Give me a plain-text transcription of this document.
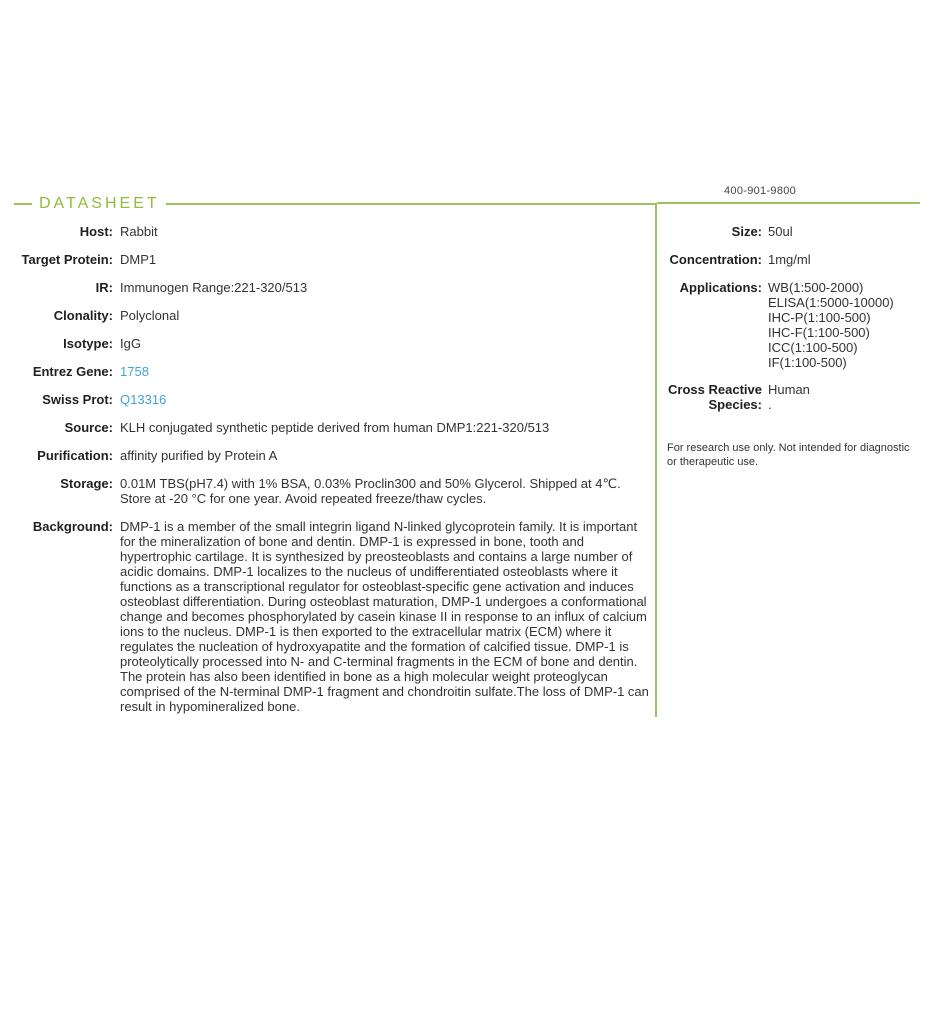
400-901-9800
DATASHEET
Host: Rabbit
Target Protein: DMP1
IR: Immunogen Range:221-320/513
Clonality: Polyclonal
Isotype: IgG
Entrez Gene: 1758
Swiss Prot: Q13316
Source: KLH conjugated synthetic peptide derived from human DMP1:221-320/513
Purification: affinity purified by Protein A
Storage: 0.01M TBS(pH7.4) with 1% BSA, 0.03% Proclin300 and 50% Glycerol. Shipped at 4℃. Store at -20 °C for one year. Avoid repeated freeze/thaw cycles.
Background: DMP-1 is a member of the small integrin ligand N-linked glycoprotein family. It is important for the mineralization of bone and dentin. DMP-1 is expressed in bone, tooth and hypertrophic cartilage. It is synthesized by preosteoblasts and contains a large number of acidic domains. DMP-1 localizes to the nucleus of undifferentiated osteoblasts where it functions as a transcriptional regulator for osteoblast-specific gene activation and induces osteoblast differentiation. During osteoblast maturation, DMP-1 undergoes a conformational change and becomes phosphorylated by casein kinase II in response to an influx of calcium ions to the nucleus. DMP-1 is then exported to the extracellular matrix (ECM) where it regulates the nucleation of hydroxyapatite and the formation of calcified tissue. DMP-1 is proteolytically processed into N- and C-terminal fragments in the ECM of bone and dentin. The protein has also been identified in bone as a high molecular weight proteoglycan comprised of the N-terminal DMP-1 fragment and chondroitin sulfate.The loss of DMP-1 can result in hypomineralized bone.
Size: 50ul
Concentration: 1mg/ml
Applications: WB(1:500-2000)
ELISA(1:5000-10000)
IHC-P(1:100-500)
IHC-F(1:100-500)
ICC(1:100-500)
IF(1:100-500)
Cross Reactive Species:
Human
.
For research use only. Not intended for diagnostic or therapeutic use.
